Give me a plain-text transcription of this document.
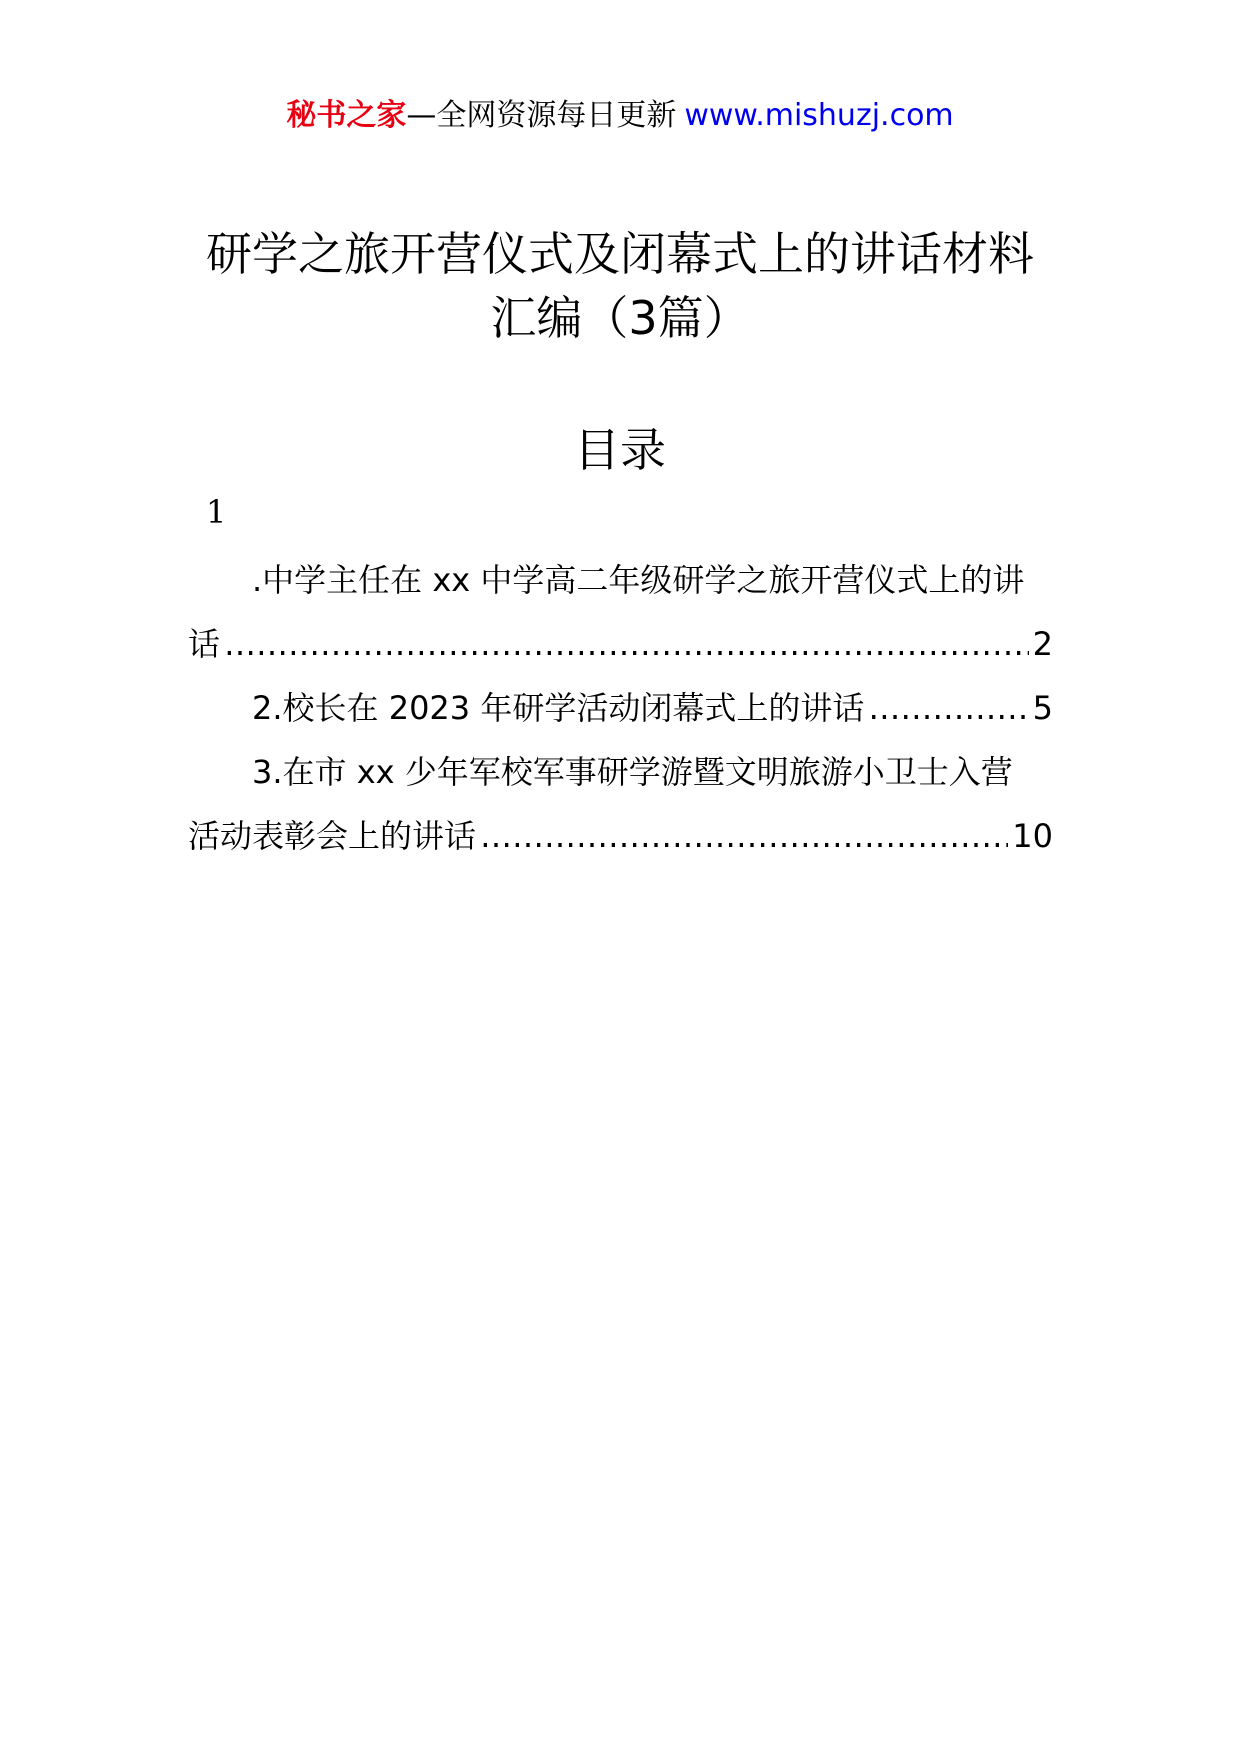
秘书之家—全网资源每日更新 www.mishuzj.com
研学之旅开营仪式及闭幕式上的讲话材料
汇编（3篇）
目录
1
.中学主任在 xx 中学高二年级研学之旅开营仪式上的讲
话 ………………………………………………………………………………………………………………………………………………………………………………………	2
2.校长在 2023 年研学活动闭幕式上的讲话 ………………………………………………………………………………………………………………………………………………………………………………………	5
3.在市 xx 少年军校军事研学游暨文明旅游小卫士入营
活动表彰会上的讲话 ………………………………………………………………………………………………………………………………………………………………………………………	10
